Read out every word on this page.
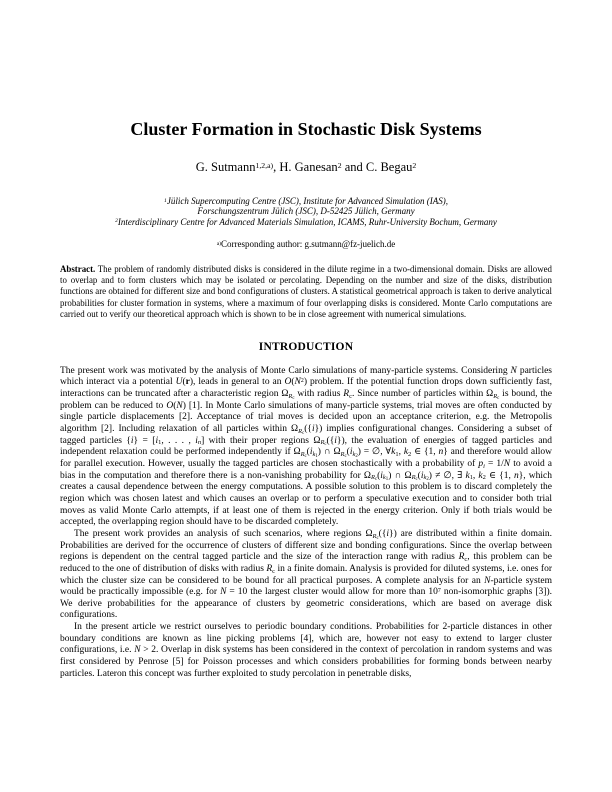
Cluster Formation in Stochastic Disk Systems
G. Sutmann$^{1,2,a)}$, H. Ganesan$^2$ and C. Begau$^2$
$^1$Jülich Supercomputing Centre (JSC), Institute for Advanced Simulation (IAS),
Forschungszentrum Jülich (JSC), D-52425 Jülich, Germany
$^2$Interdisciplinary Centre for Advanced Materials Simulation, ICAMS, Ruhr-University Bochum, Germany
$^{a)}$Corresponding author: g.sutmann@fz-juelich.de

Abstract. The problem of randomly distributed disks is considered in the dilute regime in a two-dimensional domain. Disks are allowed to overlap and to form clusters which may be isolated or percolating. Depending on the number and size of the disks, distribution functions are obtained for different size and bond configurations of clusters. A statistical geometrical approach is taken to derive analytical probabilities for cluster formation in systems, where a maximum of four overlapping disks is considered. Monte Carlo computations are carried out to verify our theoretical approach which is shown to be in close agreement with numerical simulations.

INTRODUCTION

The present work was motivated by the analysis of Monte Carlo simulations of many-particle systems. Considering N particles which interact via a potential U(r), leads in general to an $O(N^2)$ problem. If the potential function drops down sufficiently fast, interactions can be truncated after a characteristic region $\Omega_{R_c}$ with radius $R_c$. Since number of particles within $\Omega_{R_c}$ is bound, the problem can be reduced to O(N) [1]. In Monte Carlo simulations of many-particle systems, trial moves are often conducted by single particle displacements [2]. Acceptance of trial moves is decided upon an acceptance criterion, e.g. the Metropolis algorithm [2]. Including relaxation of all particles within $\Omega_{R_c}(\{i\})$ implies configurational changes. Considering a subset of tagged particles $\{i\} = [i_1$, . . . , $i_n$] with their proper regions $\Omega_{R_c}(\{i\})$, the evaluation of energies of tagged particles and independent relaxation could be performed independently if $\Omega_{R_c}(i_{k_1})$ ∩ $\Omega_{R_c}(i_{k_2})$ = ∅, $\forall k_1$, $k_2$ ∈ {1, n} and therefore would allow for parallel execution. However, usually the tagged particles are chosen stochastically with a probability of $p_i = 1/N$ to avoid a bias in the computation and therefore there is a non-vanishing probability for $\Omega_{R_c}(i_{k_1})$ ∩ $\Omega_{R_c}(i_{k_2})$ ≠ ∅, ∃ $k_1$, $k_2$ ∈ {1, n}, which creates a causal dependence between the energy computations. A possible solution to this problem is to discard completely the region which was chosen latest and which causes an overlap or to perform a speculative execution and to consider both trial moves as valid Monte Carlo attempts, if at least one of them is rejected in the energy criterion. Only if both trials would be accepted, the overlapping region should have to be discarded completely.

The present work provides an analysis of such scenarios, where regions $\Omega_{R_c}(\{i\})$ are distributed within a finite domain. Probabilities are derived for the occurrence of clusters of different size and bonding configurations. Since the overlap between regions is dependent on the central tagged particle and the size of the interaction range with radius $R_c$, this problem can be reduced to the one of distribution of disks with radius $R_c$ in a finite domain. Analysis is provided for diluted systems, i.e. ones for which the cluster size can be considered to be bound for all practical purposes. A complete analysis for an N-particle system would be practically impossible (e.g. for N = 10 the largest cluster would allow for more than $10^7$ non-isomorphic graphs [3]). We derive probabilities for the appearance of clusters by geometric considerations, which are based on average disk configurations.

In the present article we restrict ourselves to periodic boundary conditions. Probabilities for 2-particle distances in other boundary conditions are known as line picking problems [4], which are, however not easy to extend to larger cluster configurations, i.e. N > 2. Overlap in disk systems has been considered in the context of percolation in random systems and was first considered by Penrose [5] for Poisson processes and which considers probabilities for forming bonds between nearby particles. Lateron this concept was further exploited to study percolation in penetrable disks,
